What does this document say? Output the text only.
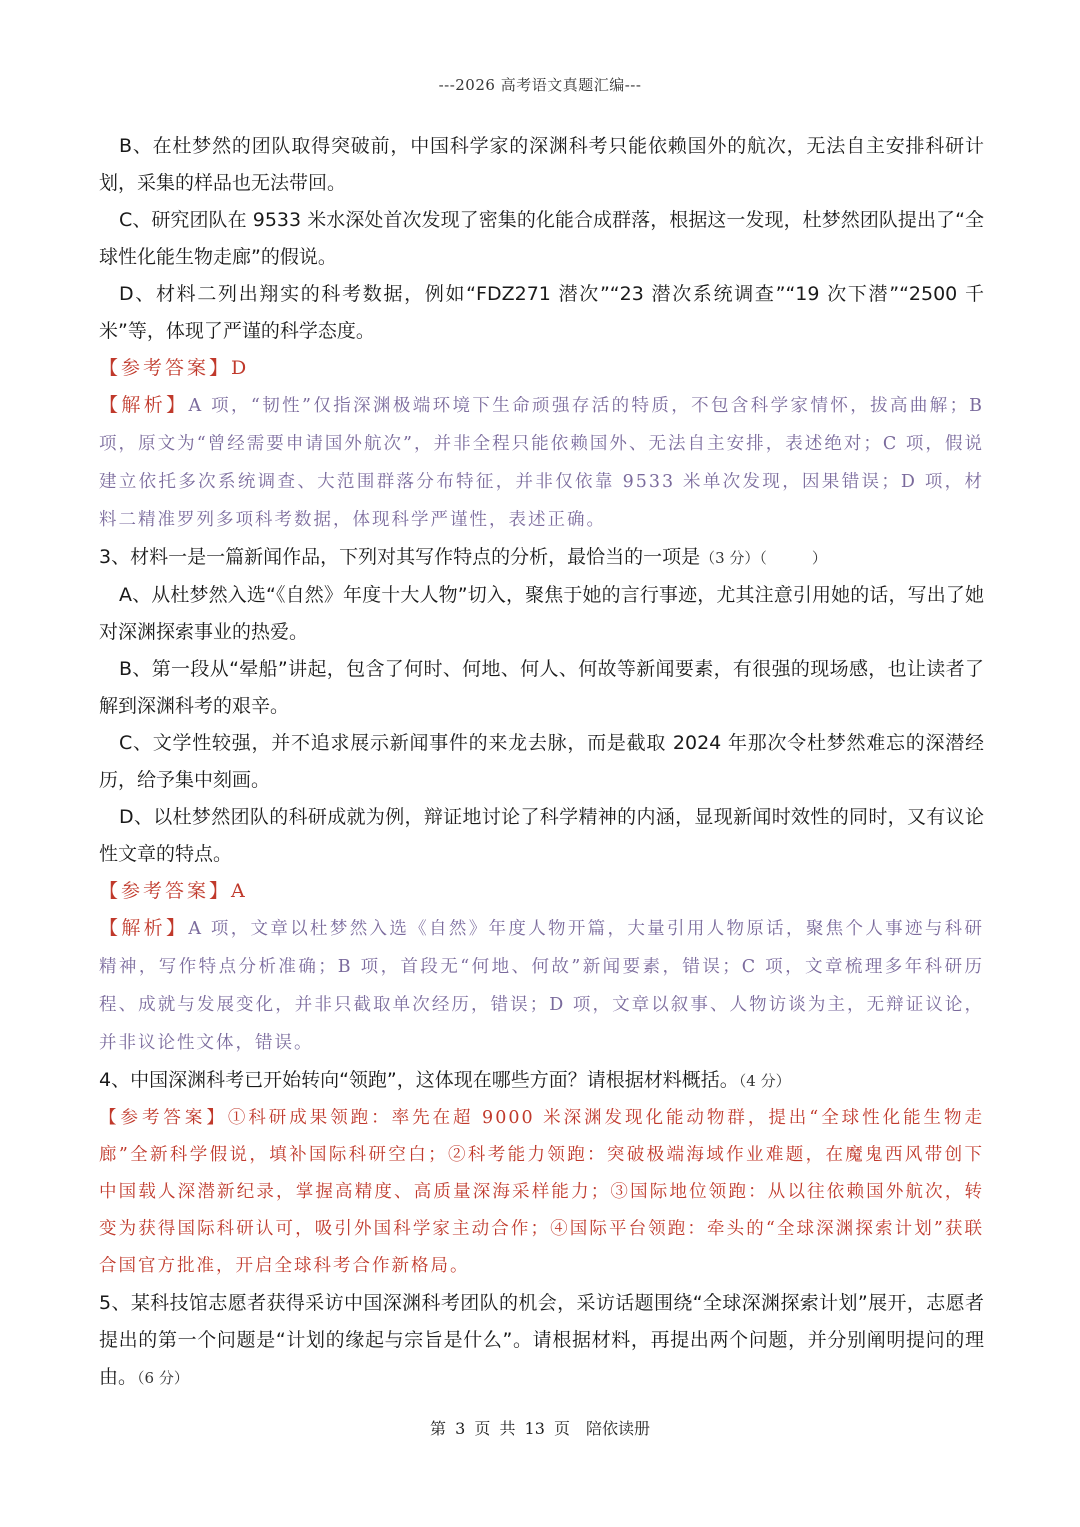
---2026 高考语文真题汇编---

B、在杜梦然的团队取得突破前，中国科学家的深渊科考只能依赖国外的航次，无法自主安排科研计划，采集的样品也无法带回。

C、研究团队在 9533 米水深处首次发现了密集的化能合成群落，根据这一发现，杜梦然团队提出了“全球性化能生物走廊”的假说。

D、材料二列出翔实的科考数据，例如“FDZ271 潜次”“23 潜次系统调查”“19 次下潜”“2500 千米”等，体现了严谨的科学态度。

【参考答案】D

【解析】A 项，“韧性”仅指深渊极端环境下生命顽强存活的特质，不包含科学家情怀，拔高曲解；B 项，原文为“曾经需要申请国外航次”，并非全程只能依赖国外、无法自主安排，表述绝对；C 项，假说建立依托多次系统调查、大范围群落分布特征，并非仅依靠 9533 米单次发现，因果错误；D 项，材料二精准罗列多项科考数据，体现科学严谨性，表述正确。

3、材料一是一篇新闻作品，下列对其写作特点的分析，最恰当的一项是（3 分）（　　　）

A、从杜梦然入选“《自然》年度十大人物”切入，聚焦于她的言行事迹，尤其注意引用她的话，写出了她对深渊探索事业的热爱。

B、第一段从“晕船”讲起，包含了何时、何地、何人、何故等新闻要素，有很强的现场感，也让读者了解到深渊科考的艰辛。

C、文学性较强，并不追求展示新闻事件的来龙去脉，而是截取 2024 年那次令杜梦然难忘的深潜经历，给予集中刻画。

D、以杜梦然团队的科研成就为例，辩证地讨论了科学精神的内涵，显现新闻时效性的同时，又有议论性文章的特点。

【参考答案】A

【解析】A 项，文章以杜梦然入选《自然》年度人物开篇，大量引用人物原话，聚焦个人事迹与科研精神，写作特点分析准确；B 项，首段无“何地、何故”新闻要素，错误；C 项，文章梳理多年科研历程、成就与发展变化，并非只截取单次经历，错误；D 项，文章以叙事、人物访谈为主，无辩证议论，并非议论性文体，错误。

4、中国深渊科考已开始转向“领跑”，这体现在哪些方面？请根据材料概括。（4 分）

【参考答案】①科研成果领跑：率先在超 9000 米深渊发现化能动物群，提出“全球性化能生物走廊”全新科学假说，填补国际科研空白；②科考能力领跑：突破极端海域作业难题，在魔鬼西风带创下中国载人深潜新纪录，掌握高精度、高质量深海采样能力；③国际地位领跑：从以往依赖国外航次，转变为获得国际科研认可，吸引外国科学家主动合作；④国际平台领跑：牵头的“全球深渊探索计划”获联合国官方批准，开启全球科考合作新格局。

5、某科技馆志愿者获得采访中国深渊科考团队的机会，采访话题围绕“全球深渊探索计划”展开，志愿者提出的第一个问题是“计划的缘起与宗旨是什么”。请根据材料，再提出两个问题，并分别阐明提问的理由。（6 分）

第 3 页 共 13 页　陪依读册
